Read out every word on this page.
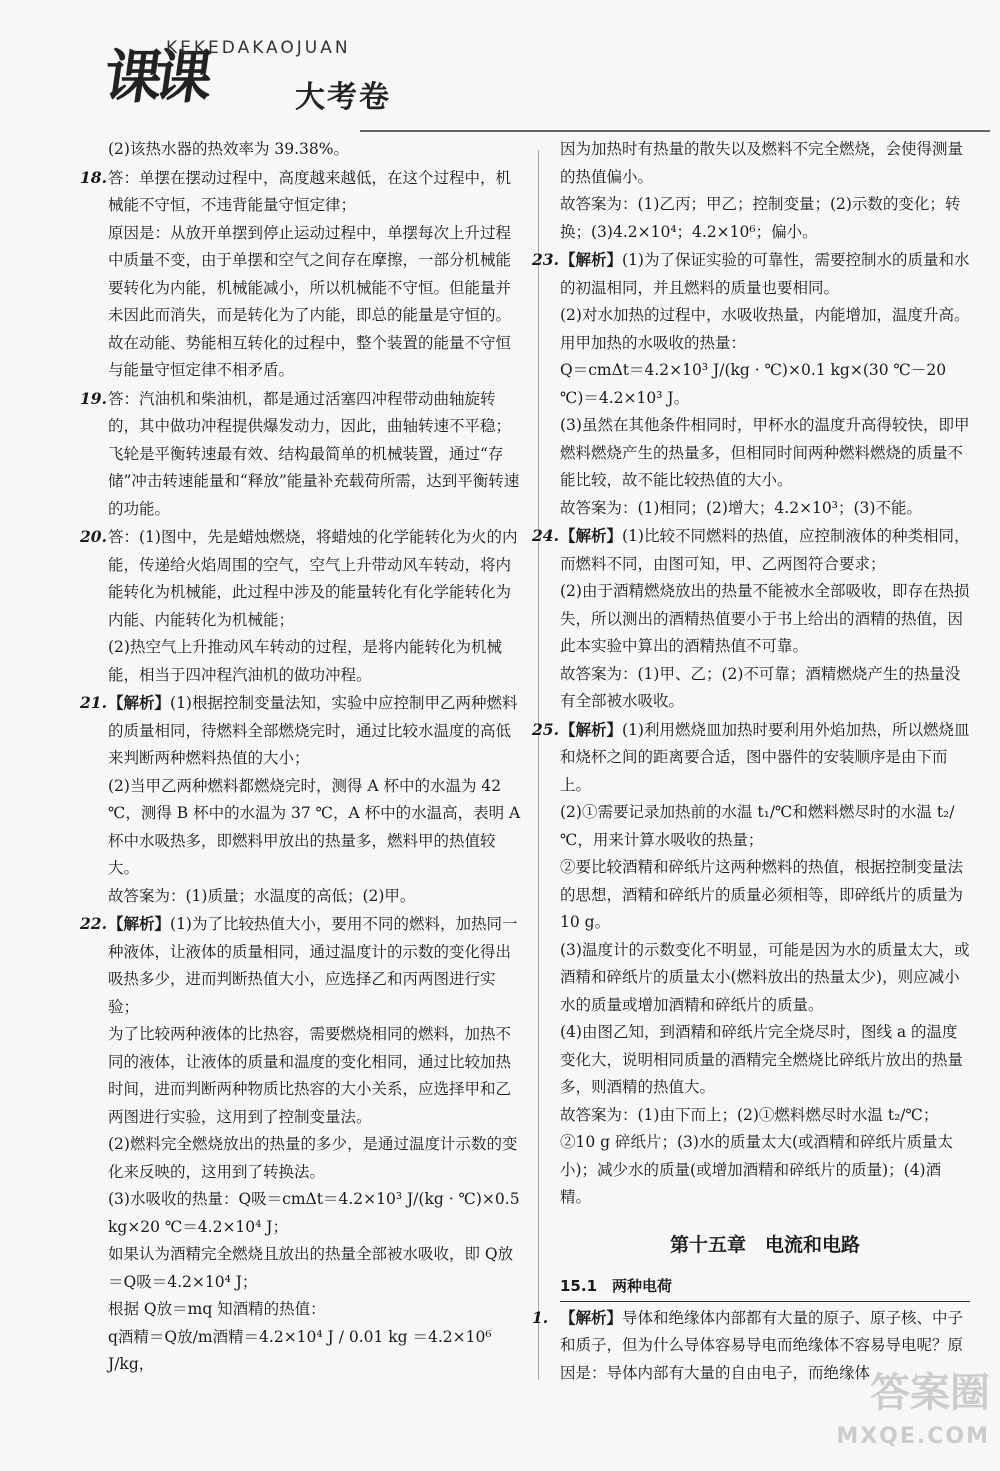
课课
KEKEDAKAOJUAN
大考卷

(2)该热水器的热效率为 39.38%。

18.答：单摆在摆动过程中，高度越来越低，在这个过程中，机械能不守恒，不违背能量守恒定律；

原因是：从放开单摆到停止运动过程中，单摆每次上升过程中质量不变，由于单摆和空气之间存在摩擦，一部分机械能要转化为内能，机械能减小，所以机械能不守恒。但能量并未因此而消失，而是转化为了内能，即总的能量是守恒的。故在动能、势能相互转化的过程中，整个装置的能量不守恒与能量守恒定律不相矛盾。

19.答：汽油机和柴油机，都是通过活塞四冲程带动曲轴旋转的，其中做功冲程提供爆发动力，因此，曲轴转速不平稳；

飞轮是平衡转速最有效、结构最简单的机械装置，通过“存储”冲击转速能量和“释放”能量补充载荷所需，达到平衡转速的功能。

20.答：(1)图中，先是蜡烛燃烧，将蜡烛的化学能转化为火的内能，传递给火焰周围的空气，空气上升带动风车转动，将内能转化为机械能，此过程中涉及的能量转化有化学能转化为内能、内能转化为机械能；

(2)热空气上升推动风车转动的过程，是将内能转化为机械能，相当于四冲程汽油机的做功冲程。

21.【解析】(1)根据控制变量法知，实验中应控制甲乙两种燃料的质量相同，待燃料全部燃烧完时，通过比较水温度的高低来判断两种燃料热值的大小；

(2)当甲乙两种燃料都燃烧完时，测得 A 杯中的水温为 42 ℃，测得 B 杯中的水温为 37 ℃，A 杯中的水温高，表明 A 杯中水吸热多，即燃料甲放出的热量多，燃料甲的热值较大。

故答案为：(1)质量；水温度的高低；(2)甲。

22.【解析】(1)为了比较热值大小，要用不同的燃料，加热同一种液体，让液体的质量相同，通过温度计的示数的变化得出吸热多少，进而判断热值大小，应选择乙和丙两图进行实验；

为了比较两种液体的比热容，需要燃烧相同的燃料，加热不同的液体，让液体的质量和温度的变化相同，通过比较加热时间，进而判断两种物质比热容的大小关系，应选择甲和乙两图进行实验，这用到了控制变量法。

(2)燃料完全燃烧放出的热量的多少，是通过温度计示数的变化来反映的，这用到了转换法。

(3)水吸收的热量：Q吸＝cmΔt＝4.2×10³ J/(kg · ℃)×0.5 kg×20 ℃＝4.2×10⁴ J；

如果认为酒精完全燃烧且放出的热量全部被水吸收，即 Q放＝Q吸＝4.2×10⁴ J；

根据 Q放＝mq 知酒精的热值：

q酒精＝Q放/m酒精＝4.2×10⁴ J / 0.01 kg ＝4.2×10⁶ J/kg，

因为加热时有热量的散失以及燃料不完全燃烧，会使得测量的热值偏小。

故答案为：(1)乙丙；甲乙；控制变量；(2)示数的变化；转换；(3)4.2×10⁴；4.2×10⁶；偏小。

23.【解析】(1)为了保证实验的可靠性，需要控制水的质量和水的初温相同，并且燃料的质量也要相同。

(2)对水加热的过程中，水吸收热量，内能增加，温度升高。

用甲加热的水吸收的热量：

Q＝cmΔt＝4.2×10³ J/(kg · ℃)×0.1 kg×(30 ℃－20 ℃)＝4.2×10³ J。

(3)虽然在其他条件相同时，甲杯水的温度升高得较快，即甲燃料燃烧产生的热量多，但相同时间两种燃料燃烧的质量不能比较，故不能比较热值的大小。

故答案为：(1)相同；(2)增大；4.2×10³；(3)不能。

24.【解析】(1)比较不同燃料的热值，应控制液体的种类相同，而燃料不同，由图可知，甲、乙两图符合要求；

(2)由于酒精燃烧放出的热量不能被水全部吸收，即存在热损失，所以测出的酒精热值要小于书上给出的酒精的热值，因此本实验中算出的酒精热值不可靠。

故答案为：(1)甲、乙；(2)不可靠；酒精燃烧产生的热量没有全部被水吸收。

25.【解析】(1)利用燃烧皿加热时要利用外焰加热，所以燃烧皿和烧杯之间的距离要合适，图中器件的安装顺序是由下而上。

(2)①需要记录加热前的水温 t₁/℃和燃料燃尽时的水温 t₂/℃，用来计算水吸收的热量；

②要比较酒精和碎纸片这两种燃料的热值，根据控制变量法的思想，酒精和碎纸片的质量必须相等，即碎纸片的质量为 10 g。

(3)温度计的示数变化不明显，可能是因为水的质量太大，或酒精和碎纸片的质量太小(燃料放出的热量太少)，则应减小水的质量或增加酒精和碎纸片的质量。

(4)由图乙知，到酒精和碎纸片完全烧尽时，图线 a 的温度变化大，说明相同质量的酒精完全燃烧比碎纸片放出的热量多，则酒精的热值大。

故答案为：(1)由下而上；(2)①燃料燃尽时水温 t₂/℃；②10 g 碎纸片；(3)水的质量太大(或酒精和碎纸片质量太小)；减少水的质量(或增加酒精和碎纸片的质量)；(4)酒精。

第十五章　电流和电路
15.1　两种电荷

1. 【解析】导体和绝缘体内部都有大量的原子、原子核、中子和质子，但为什么导体容易导电而绝缘体不容易导电呢？原因是：导体内部有大量的自由电子，而绝缘体 答案圈
MXQE.COM
